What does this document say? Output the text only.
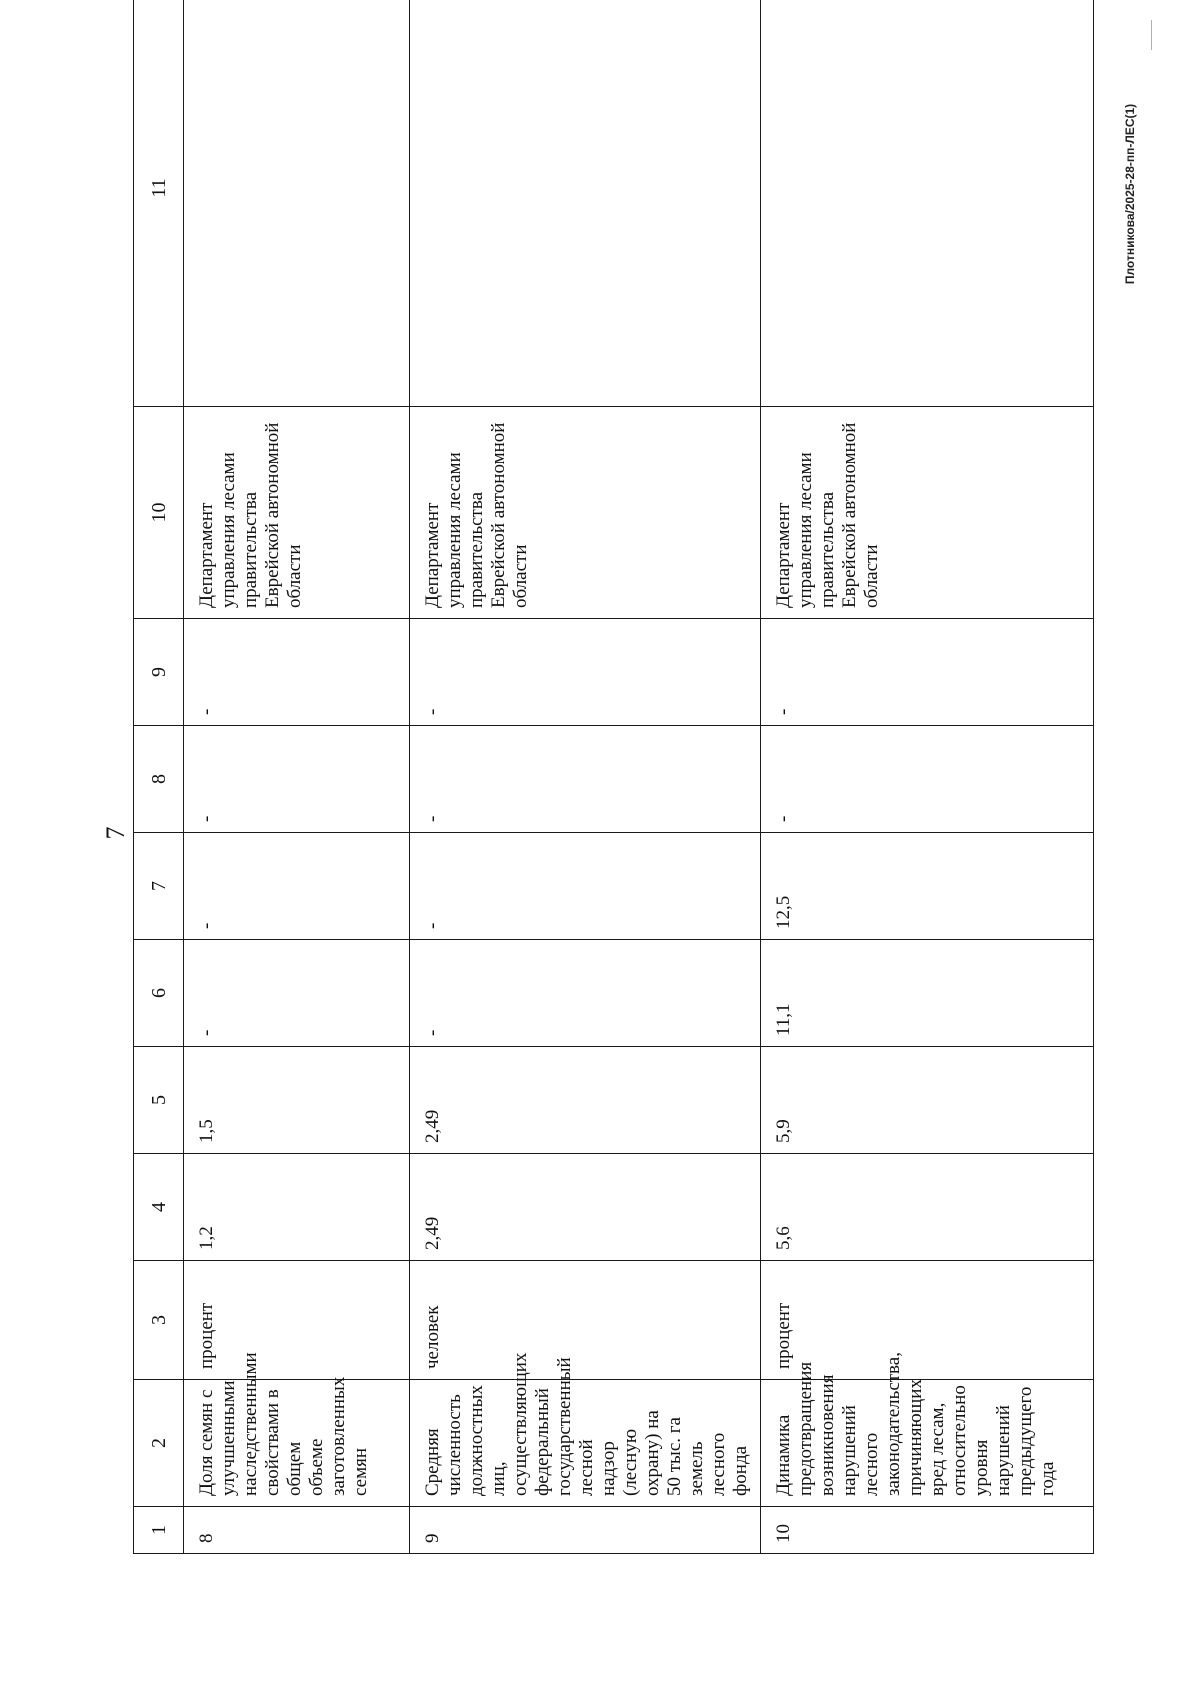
7
1	2	3	4	5	6	7	8	9	10	11
8	Доля семян с улучшенными наследственными свойствами в общем объеме заготовленных семян	процент	1,2	1,5	-	-	-	-	Департамент управления лесами правительства Еврейской автономной области	
9	Средняя численность должностных лиц, осуществляющих федеральный государственный лесной надзор (лесную охрану) на 50 тыс. га земель лесного фонда	человек	2,49	2,49	-	-	-	-	Департамент управления лесами правительства Еврейской автономной области	
10	Динамика предотвращения возникновения нарушений лесного законодательства, причиняющих вред лесам, относительно уровня нарушений предыдущего года	процент	5,6	5,9	11,1	12,5	-	-	Департамент управления лесами правительства Еврейской автономной области	
Плотникова/2025-28-пп-ЛЕС(1)
